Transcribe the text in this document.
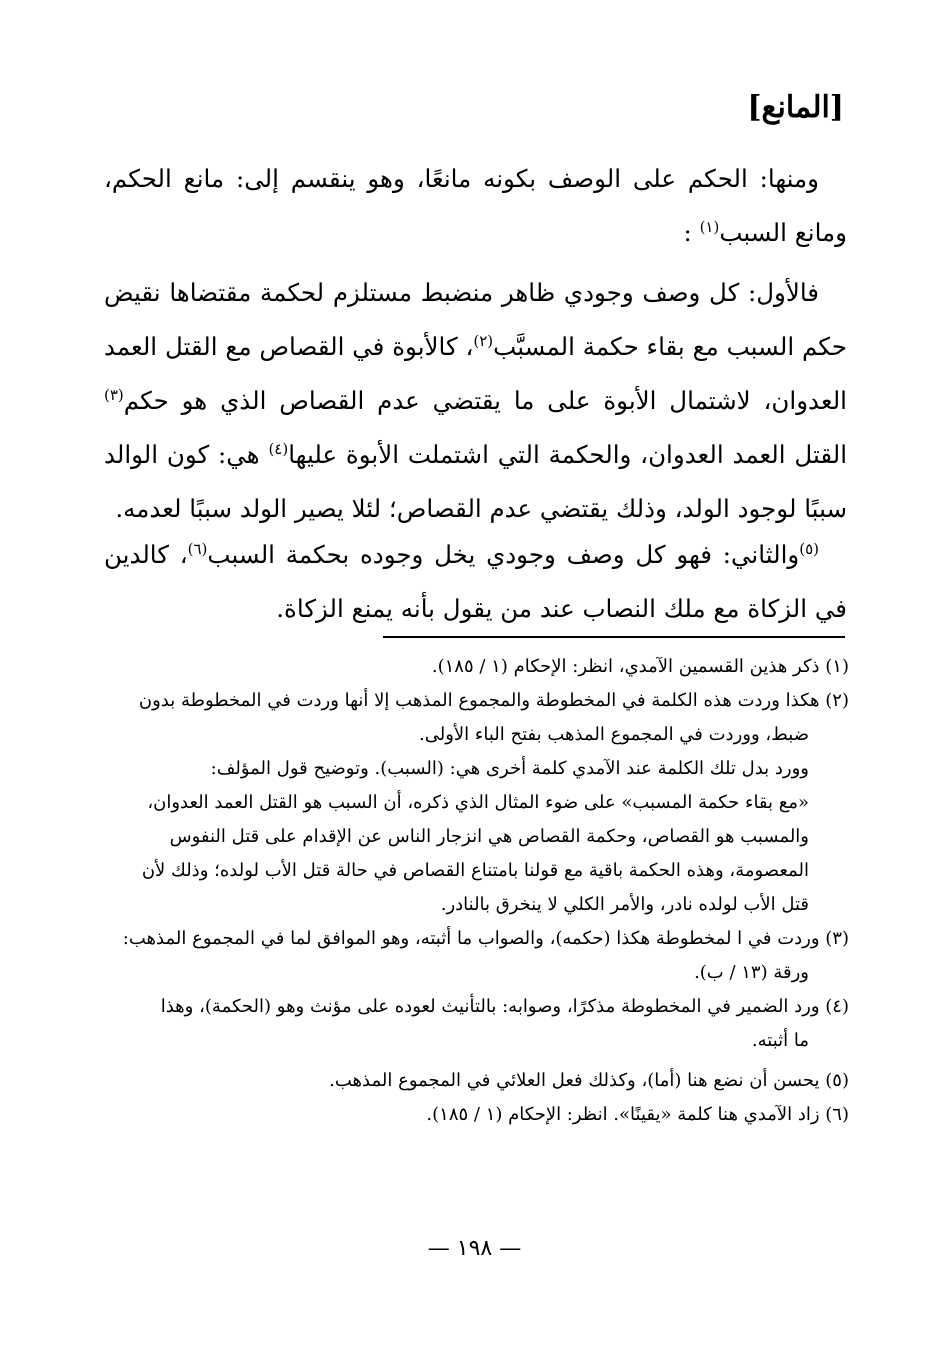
[المانع]

ومنها: الحكم على الوصف بكونه مانعًا، وهو ينقسم إلى: مانع الحكم، ومانع السبب$^{(١)}$ :

فالأول: كل وصف وجودي ظاهر منضبط مستلزم لحكمة مقتضاها نقيض حكم السبب مع بقاء حكمة المسبَّب$^{(٢)}$، كالأبوة في القصاص مع القتل العمد العدوان، لاشتمال الأبوة على ما يقتضي عدم القصاص الذي هو حكم$^{(٣)}$ القتل العمد العدوان، والحكمة التي اشتملت الأبوة عليها$^{(٤)}$ هي: كون الوالد سببًا لوجود الولد، وذلك يقتضي عدم القصاص؛ لئلا يصير الولد سببًا لعدمه.

$^{(٥)}$والثاني: فهو كل وصف وجودي يخل وجوده بحكمة السبب$^{(٦)}$، كالدين في الزكاة مع ملك النصاب عند من يقول بأنه يمنع الزكاة.

(١) ذكر هذين القسمين الآمدي، انظر: الإحكام (١ / ١٨٥).

(٢) هكذا وردت هذه الكلمة في المخطوطة والمجموع المذهب إلا أنها وردت في المخطوطة بدون
ضبط، ووردت في المجموع المذهب بفتح الباء الأولى.
وورد بدل تلك الكلمة عند الآمدي كلمة أخرى هي: (السبب). وتوضيح قول المؤلف:
«مع بقاء حكمة المسبب» على ضوء المثال الذي ذكره، أن السبب هو القتل العمد العدوان،
والمسبب هو القصاص، وحكمة القصاص هي انزجار الناس عن الإقدام على قتل النفوس
المعصومة، وهذه الحكمة باقية مع قولنا بامتناع القصاص في حالة قتل الأب لولده؛ وذلك لأن
قتل الأب لولده نادر، والأمر الكلي لا ينخرق بالنادر.

(٣) وردت في ا لمخطوطة هكذا (حكمه)، والصواب ما أثبته، وهو الموافق لما في المجموع المذهب:
ورقة (١٣ / ب).

(٤) ورد الضمير في المخطوطة مذكرًا، وصوابه: بالتأنيث لعوده على مؤنث وهو (الحكمة)، وهذا
ما أثبته.

(٥) يحسن أن نضع هنا (أما)، وكذلك فعل العلائي في المجموع المذهب.

(٦) زاد الآمدي هنا كلمة «يقينًا». انظر: الإحكام (١ / ١٨٥).

— ١٩٨ —
